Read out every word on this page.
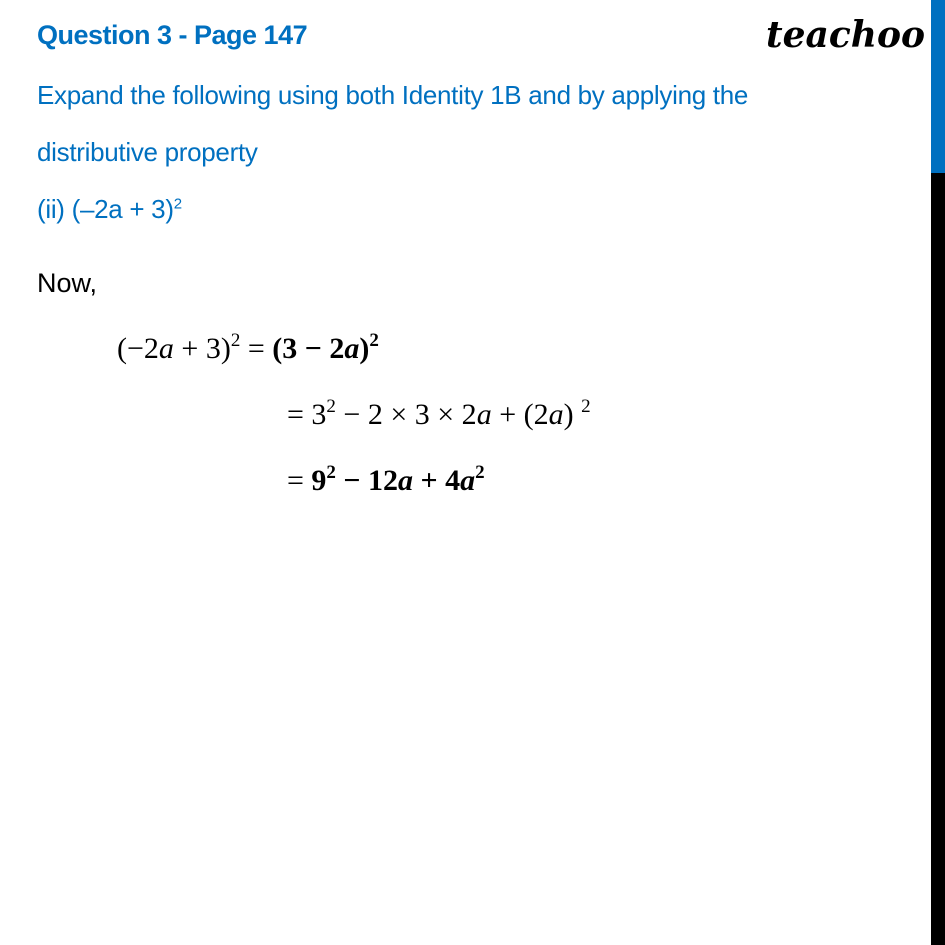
Question 3 - Page 147	teachoo
Expand the following using both Identity 1B and by applying the
distributive property
(ii) $(-2a + 3)^2$
Now,
$(-2a + 3)^2 = (3 - 2a)^2$
= $3^2 - 2 \times 3 \times 2a + (2a)$ $^2$
= $9^2 - 12a + 4a^2$
